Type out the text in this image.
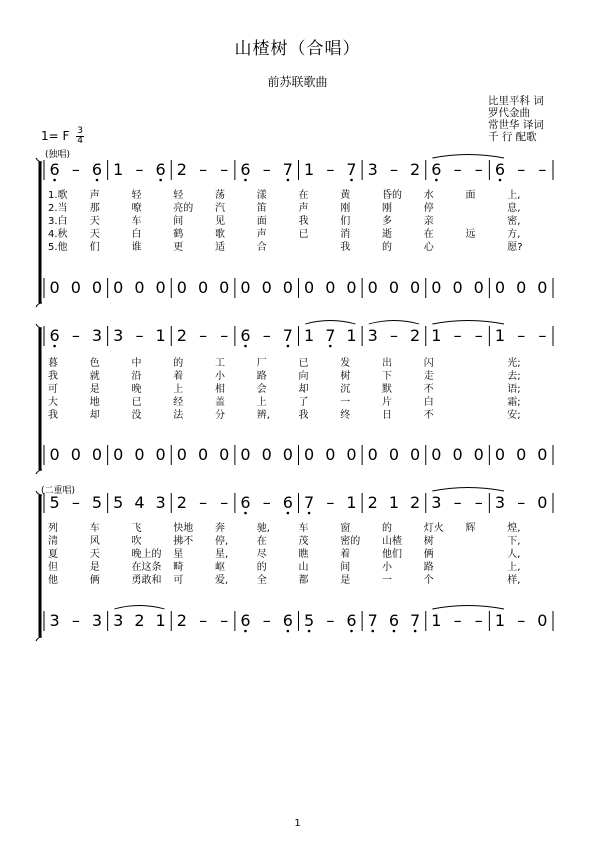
山楂树（合唱）
前苏联歌曲
比里平科 词
罗代金曲
常世华 译词
千 行 配歌
1= F $\frac{3}{4}$
(独唱)
(二重唱)
6 – 6 1 – 6 2 – – 6 – 7 1 – 7 3 – 2 6 – – 6 – –
0 0 0 0 0 0 0 0 0 0 0 0 0 0 0 0 0 0 0 0 0 0 0 0
1.歌 声	轻	轻	荡	漾	在	黄	昏的 水	面	上,
2.当 那	嘹	亮的 汽	笛	声	刚	刚	停	息,
3.白 天	车	间	见	面	我	们	多	亲	密,
4.秋 天	白	鹤	歌	声	已	消	逝	在	远	方,
5.他 们	谁	更	适	合	我	的	心	愿?
6 – 3 3 – 1 2 – – 6 – 7 1 7 1 3 – 2 1 – – 1 – –
0 0 0 0 0 0 0 0 0 0 0 0 0 0 0 0 0 0 0 0 0 0 0 0
暮	色	中	的	工	厂	已	发	出	闪	光;
我	就	沿	着	小	路	向	树	下	走	去;
可	是	晚	上	相	会	却	沉	默	不	语;
大	地	已	经	盖	上	了	一	片	白	霜;
我	却	没	法	分	辨,	我	终	日	不	安;
5 – 5 5 4 3 2 – – 6 – 6 7 – 1 2 1 2 3 – – 3 – 0
3 – 3 3 2 1 2 – – 6 – 6 5 – 6 7 6 7 1 – – 1 – 0
列	车	飞	快地 奔	驰,	车	窗	的	灯火 辉	煌,
清	风	吹	拂不 停,	在	茂	密的 山楂 树	下,
夏	天	晚上的 星	星,	尽	瞧	着	他们 俩	人,
但	是	在这条 畸	岖	的	山	间	小	路	上,
他	俩	勇敢和 可	爱,	全	都	是	一	个	样,
1
